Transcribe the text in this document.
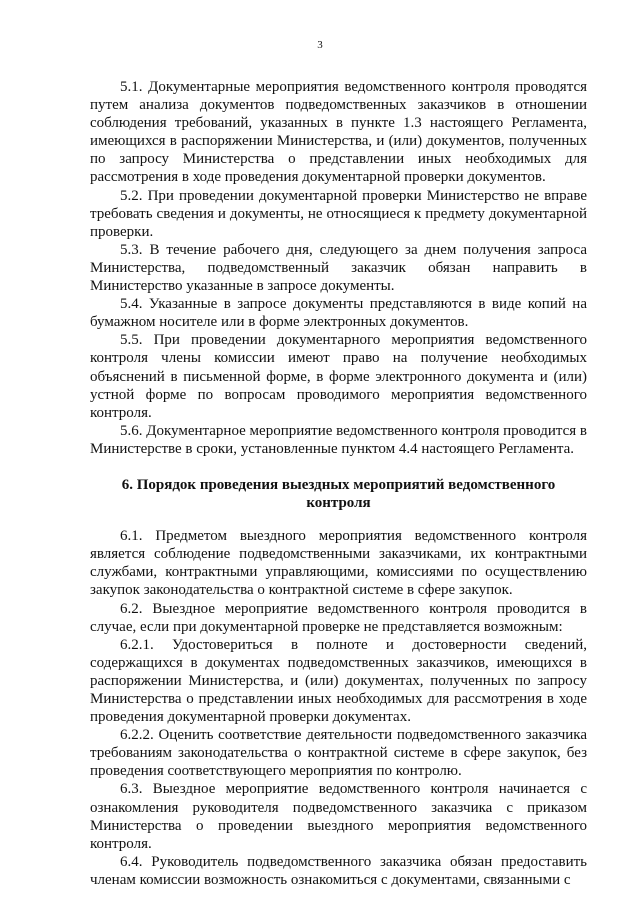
3

5.1. Документарные мероприятия ведомственного контроля проводятся путем анализа документов подведомственных заказчиков в отношении соблюдения требований, указанных в пункте 1.3 настоящего Регламента, имеющихся в распоряжении Министерства, и (или) документов, полученных по запросу Министерства о представлении иных необходимых для рассмотрения в ходе проведения документарной проверки документов.

5.2. При проведении документарной проверки Министерство не вправе требовать сведения и документы, не относящиеся к предмету документарной проверки.

5.3. В течение рабочего дня, следующего за днем получения запроса Министерства, подведомственный заказчик обязан направить в Министерство указанные в запросе документы.

5.4. Указанные в запросе документы представляются в виде копий на бумажном носителе или в форме электронных документов.

5.5. При проведении документарного мероприятия ведомственного контроля члены комиссии имеют право на получение необходимых объяснений в письменной форме, в форме электронного документа и (или) устной форме по вопросам проводимого мероприятия ведомственного контроля.

5.6. Документарное мероприятие ведомственного контроля проводится в Министерстве в сроки, установленные пунктом 4.4 настоящего Регламента.

6. Порядок проведения выездных мероприятий ведомственного контроля

6.1. Предметом выездного мероприятия ведомственного контроля является соблюдение подведомственными заказчиками, их контрактными службами, контрактными управляющими, комиссиями по осуществлению закупок законодательства о контрактной системе в сфере закупок.

6.2. Выездное мероприятие ведомственного контроля проводится в случае, если при документарной проверке не представляется возможным:

6.2.1. Удостовериться в полноте и достоверности сведений, содержащихся в документах подведомственных заказчиков, имеющихся в распоряжении Министерства, и (или) документах, полученных по запросу Министерства о представлении иных необходимых для рассмотрения в ходе проведения документарной проверки документах.

6.2.2. Оценить соответствие деятельности подведомственного заказчика требованиям законодательства о контрактной системе в сфере закупок, без проведения соответствующего мероприятия по контролю.

6.3. Выездное мероприятие ведомственного контроля начинается с ознакомления руководителя подведомственного заказчика с приказом Министерства о проведении выездного мероприятия ведомственного контроля.

6.4. Руководитель подведомственного заказчика обязан предоставить членам комиссии возможность ознакомиться с документами, связанными с
